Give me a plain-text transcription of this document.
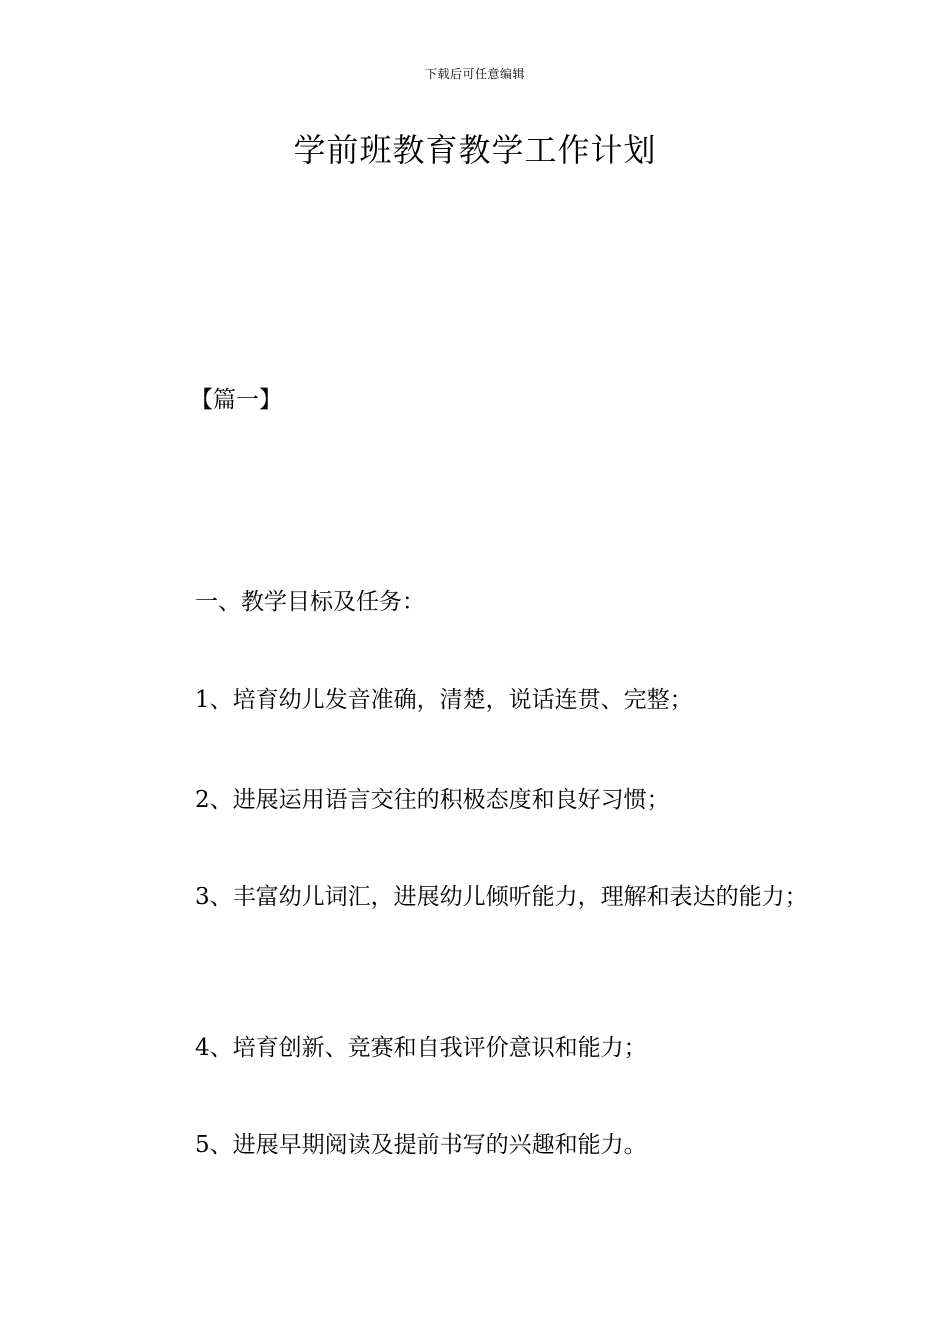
下载后可任意编辑
学前班教育教学工作计划

【篇一】

一、教学目标及任务：

1、培育幼儿发音准确，清楚，说话连贯、完整；

2、进展运用语言交往的积极态度和良好习惯；

3、丰富幼儿词汇，进展幼儿倾听能力，理解和表达的能力；

4、培育创新、竞赛和自我评价意识和能力；

5、进展早期阅读及提前书写的兴趣和能力。
